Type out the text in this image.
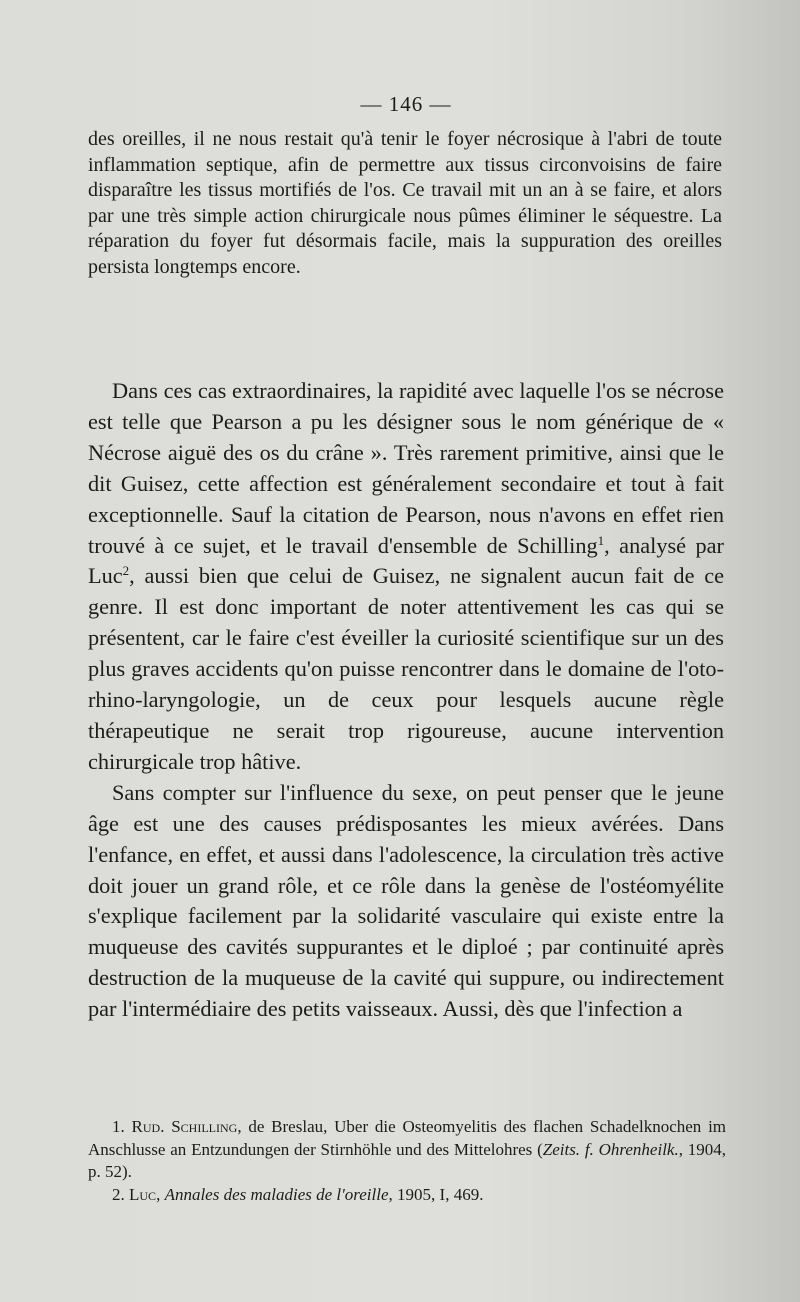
— 146 —

des oreilles, il ne nous restait qu'à tenir le foyer nécrosique à l'abri de toute inflammation septique, afin de permettre aux tissus circonvoisins de faire disparaître les tissus mortifiés de l'os. Ce travail mit un an à se faire, et alors par une très simple action chirurgicale nous pûmes éliminer le séquestre. La réparation du foyer fut désormais facile, mais la suppuration des oreilles persista longtemps encore.

Dans ces cas extraordinaires, la rapidité avec laquelle l'os se nécrose est telle que Pearson a pu les désigner sous le nom générique de « Nécrose aiguë des os du crâne ». Très rarement primitive, ainsi que le dit Guisez, cette affection est généralement secondaire et tout à fait exceptionnelle. Sauf la citation de Pearson, nous n'avons en effet rien trouvé à ce sujet, et le travail d'ensemble de Schilling$^1$, analysé par Luc$^2$, aussi bien que celui de Guisez, ne signalent aucun fait de ce genre. Il est donc important de noter attentivement les cas qui se présentent, car le faire c'est éveiller la curiosité scientifique sur un des plus graves accidents qu'on puisse rencontrer dans le domaine de l'oto-rhino-laryngologie, un de ceux pour lesquels aucune règle thérapeutique ne serait trop rigoureuse, aucune intervention chirurgicale trop hâtive.

Sans compter sur l'influence du sexe, on peut penser que le jeune âge est une des causes prédisposantes les mieux avérées. Dans l'enfance, en effet, et aussi dans l'adolescence, la circulation très active doit jouer un grand rôle, et ce rôle dans la genèse de l'ostéomyélite s'explique facilement par la solidarité vasculaire qui existe entre la muqueuse des cavités suppurantes et le diploé ; par continuité après destruction de la muqueuse de la cavité qui suppure, ou indirectement par l'intermédiaire des petits vaisseaux. Aussi, dès que l'infection a

1. Rud. Schilling, de Breslau, Uber die Osteomyelitis des flachen Schadelknochen im Anschlusse an Entzundungen der Stirnhöhle und des Mittelohres (Zeits. f. Ohrenheilk., 1904, p. 52).

2. Luc, Annales des maladies de l'oreille, 1905, I, 469.
